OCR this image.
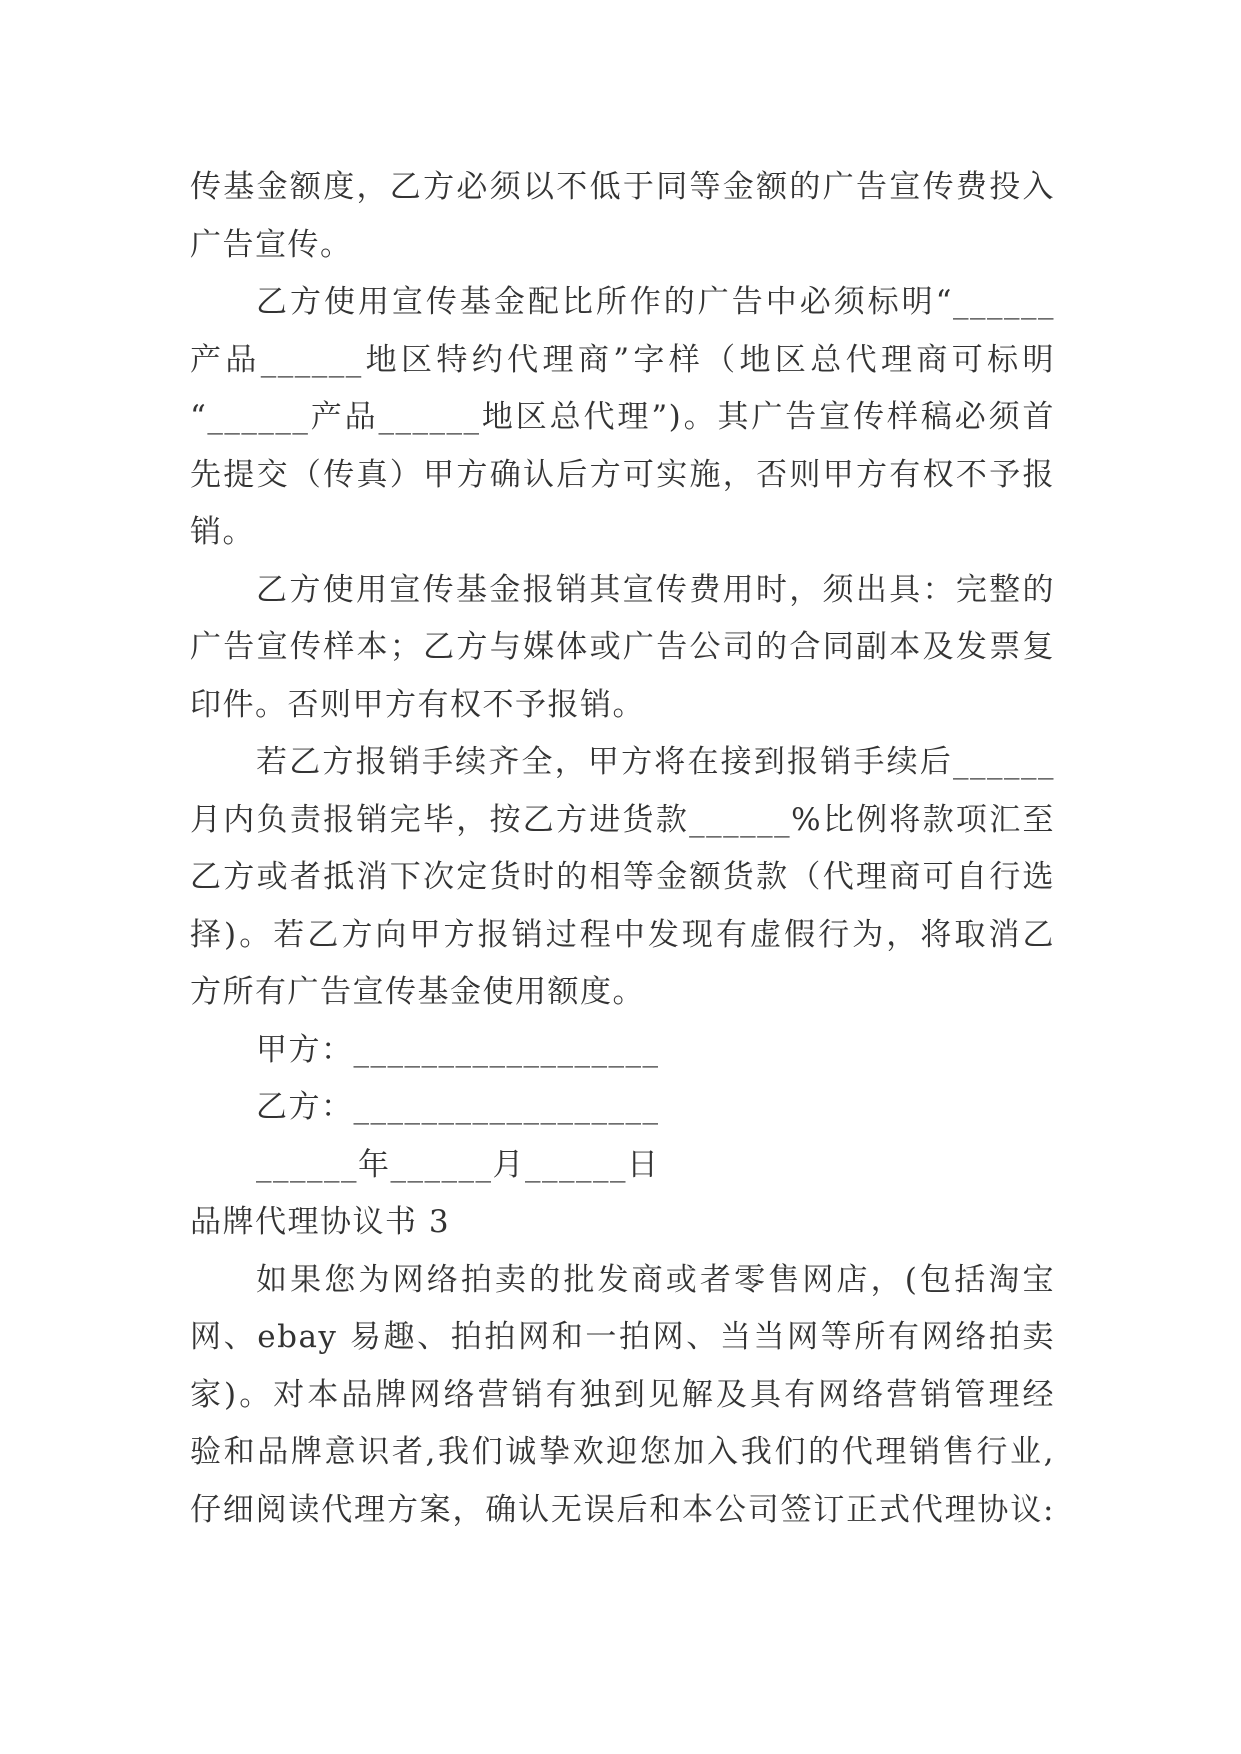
传基金额度，乙方必须以不低于同等金额的广告宣传费投入
广告宣传。
乙方使用宣传基金配比所作的广告中必须标明“______
产品______地区特约代理商”字样（地区总代理商可标明
“______产品______地区总代理”)。其广告宣传样稿必须首
先提交（传真）甲方确认后方可实施，否则甲方有权不予报
销。
乙方使用宣传基金报销其宣传费用时，须出具：完整的
广告宣传样本；乙方与媒体或广告公司的合同副本及发票复
印件。否则甲方有权不予报销。
若乙方报销手续齐全，甲方将在接到报销手续后______
月内负责报销完毕，按乙方进货款______%比例将款项汇至
乙方或者抵消下次定货时的相等金额货款（代理商可自行选
择)。若乙方向甲方报销过程中发现有虚假行为，将取消乙
方所有广告宣传基金使用额度。
甲方：__________________
乙方：__________________
______年______月______日
品牌代理协议书 3
如果您为网络拍卖的批发商或者零售网店，(包括淘宝
网、ebay 易趣、拍拍网和一拍网、当当网等所有网络拍卖
家)。对本品牌网络营销有独到见解及具有网络营销管理经
验和品牌意识者,我们诚挚欢迎您加入我们的代理销售行业,
仔细阅读代理方案，确认无误后和本公司签订正式代理协议:
